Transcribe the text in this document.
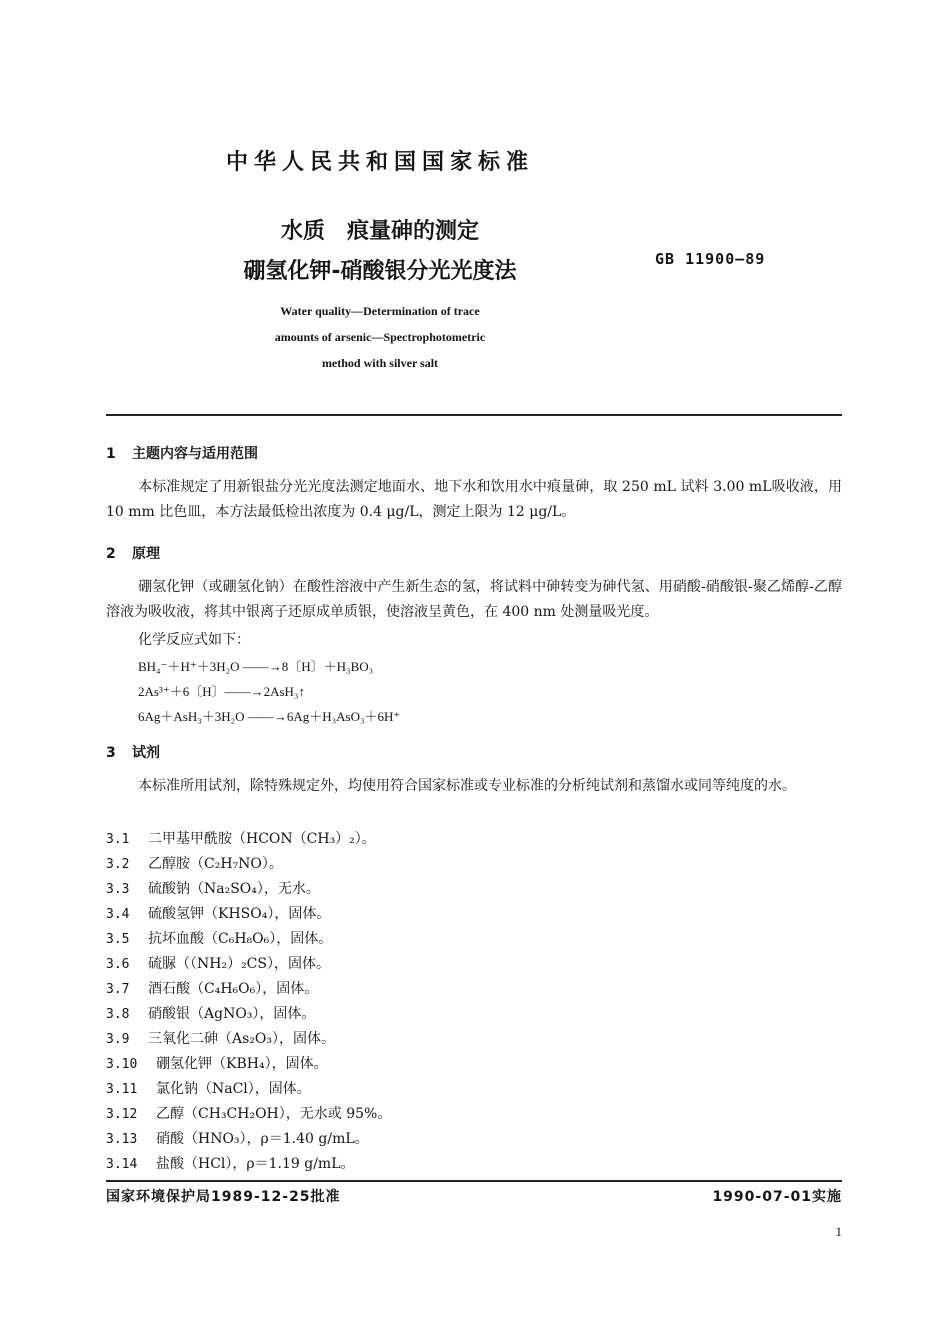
中华人民共和国国家标准
水质　痕量砷的测定
硼氢化钾-硝酸银分光光度法	GB 11900—89
Water quality—Determination of trace
amounts of arsenic—Spectrophotometric
method with silver salt
1 主题内容与适用范围
本标准规定了用新银盐分光光度法测定地面水、地下水和饮用水中痕量砷，取 250 mL 试料 3.00 mL吸收液，用 10 mm 比色皿，本方法最低检出浓度为 0.4 μg/L，测定上限为 12 μg/L。
2 原理
硼氢化钾（或硼氢化钠）在酸性溶液中产生新生态的氢，将试料中砷转变为砷代氢、用硝酸-硝酸银-聚乙烯醇-乙醇溶液为吸收液，将其中银离子还原成单质银，使溶液呈黄色，在 400 nm 处测量吸光度。
化学反应式如下：
BH₄⁻＋H⁺＋3H₂O ——→8〔H〕＋H₃BO₃
2As³⁺＋6〔H〕——→2AsH₃↑
6Ag＋AsH₃＋3H₂O ——→6Ag＋H₃AsO₃＋6H⁺
3 试剂
本标准所用试剂，除特殊规定外，均使用符合国家标准或专业标准的分析纯试剂和蒸馏水或同等纯度的水。
3.1 二甲基甲酰胺（HCON（CH₃）₂）。
3.2 乙醇胺（C₂H₇NO）。
3.3 硫酸钠（Na₂SO₄），无水。
3.4 硫酸氢钾（KHSO₄），固体。
3.5 抗坏血酸（C₆H₈O₆），固体。
3.6 硫脲（（NH₂）₂CS），固体。
3.7 酒石酸（C₄H₆O₆），固体。
3.8 硝酸银（AgNO₃），固体。
3.9 三氧化二砷（As₂O₃），固体。
3.10 硼氢化钾（KBH₄），固体。
3.11 氯化钠（NaCl），固体。
3.12 乙醇（CH₃CH₂OH），无水或 95%。
3.13 硝酸（HNO₃），ρ＝1.40 g/mL。
3.14 盐酸（HCl），ρ＝1.19 g/mL。
国家环境保护局1989-12-25批准	1990-07-01实施
1
